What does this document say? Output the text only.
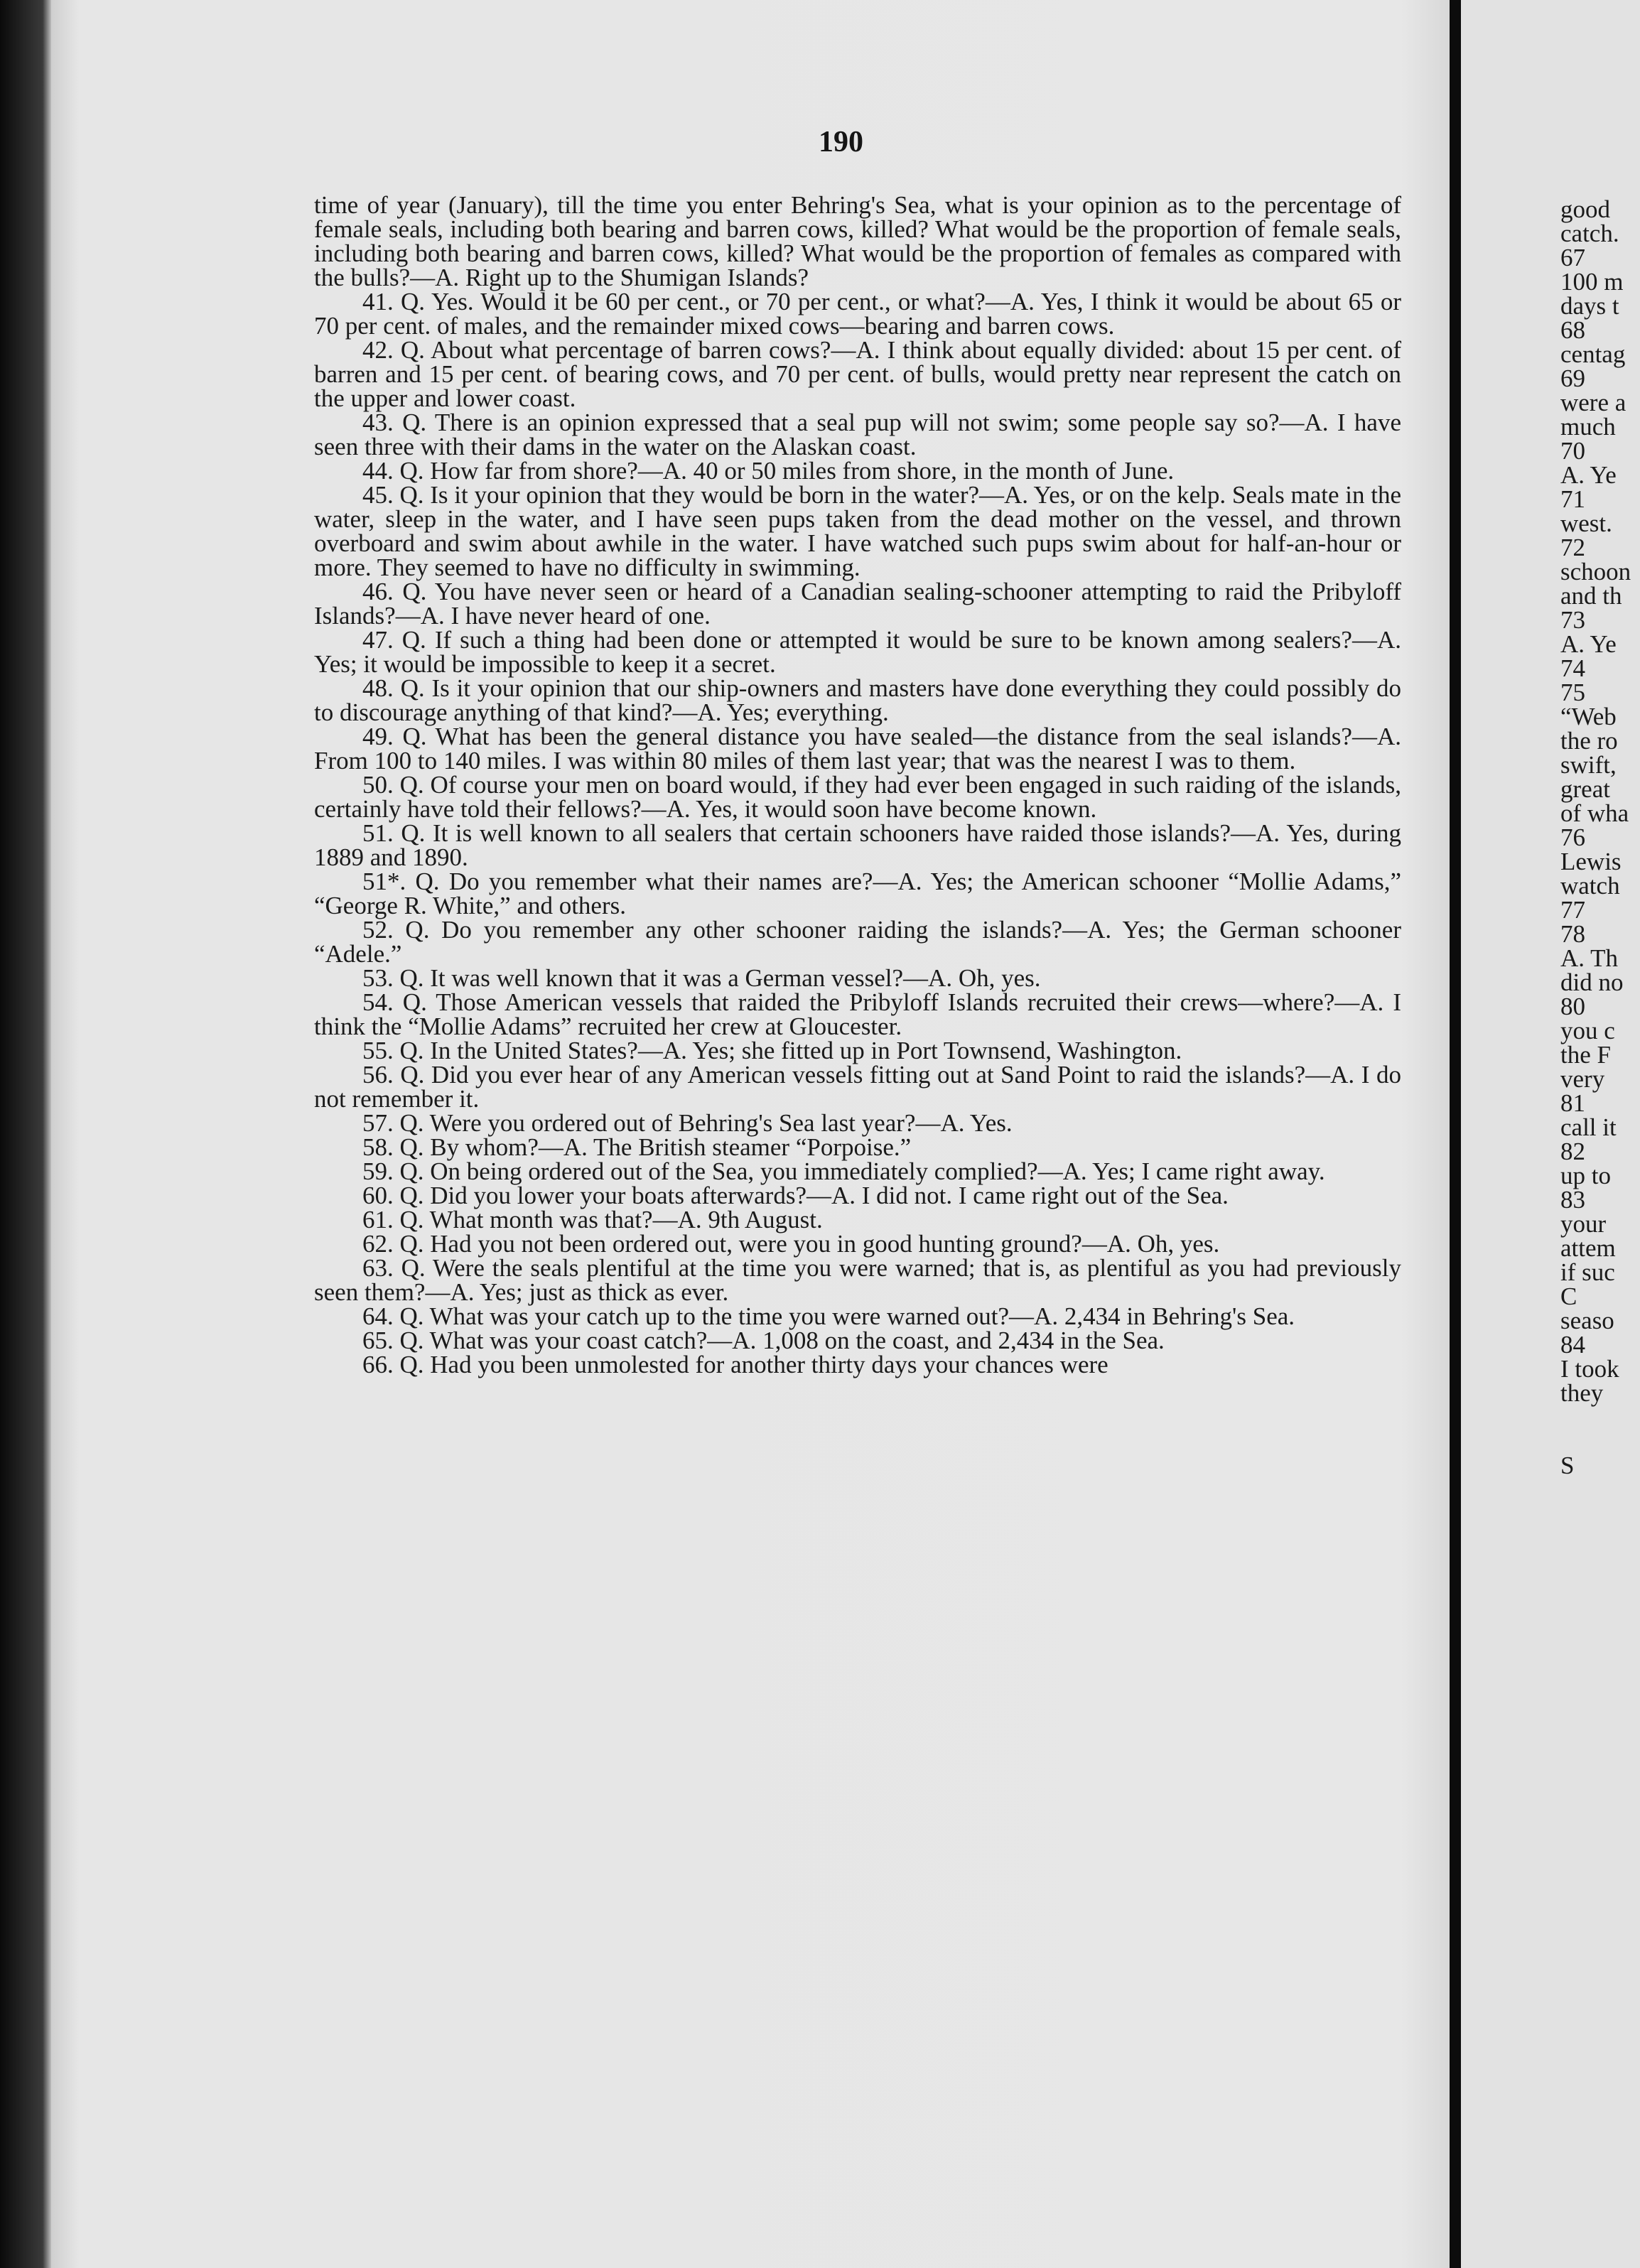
190

time of year (January), till the time you enter Behring's Sea, what is your opinion as to the percentage of female seals, including both bearing and barren cows, killed? What would be the proportion of female seals, including both bearing and barren cows, killed? What would be the proportion of females as compared with the bulls?—A. Right up to the Shumigan Islands?

41. Q. Yes. Would it be 60 per cent., or 70 per cent., or what?—A. Yes, I think it would be about 65 or 70 per cent. of males, and the remainder mixed cows—bearing and barren cows.

42. Q. About what percentage of barren cows?—A. I think about equally divided: about 15 per cent. of barren and 15 per cent. of bearing cows, and 70 per cent. of bulls, would pretty near represent the catch on the upper and lower coast.

43. Q. There is an opinion expressed that a seal pup will not swim; some people say so?—A. I have seen three with their dams in the water on the Alaskan coast.

44. Q. How far from shore?—A. 40 or 50 miles from shore, in the month of June.

45. Q. Is it your opinion that they would be born in the water?—A. Yes, or on the kelp. Seals mate in the water, sleep in the water, and I have seen pups taken from the dead mother on the vessel, and thrown overboard and swim about awhile in the water. I have watched such pups swim about for half-an-hour or more. They seemed to have no difficulty in swimming.

46. Q. You have never seen or heard of a Canadian sealing-schooner attempting to raid the Pribyloff Islands?—A. I have never heard of one.

47. Q. If such a thing had been done or attempted it would be sure to be known among sealers?—A. Yes; it would be impossible to keep it a secret.

48. Q. Is it your opinion that our ship-owners and masters have done everything they could possibly do to discourage anything of that kind?—A. Yes; everything.

49. Q. What has been the general distance you have sealed—the distance from the seal islands?—A. From 100 to 140 miles. I was within 80 miles of them last year; that was the nearest I was to them.

50. Q. Of course your men on board would, if they had ever been engaged in such raiding of the islands, certainly have told their fellows?—A. Yes, it would soon have become known.

51. Q. It is well known to all sealers that certain schooners have raided those islands?—A. Yes, during 1889 and 1890.

51*. Q. Do you remember what their names are?—A. Yes; the American schooner “Mollie Adams,” “George R. White,” and others.

52. Q. Do you remember any other schooner raiding the islands?—A. Yes; the German schooner “Adele.”

53. Q. It was well known that it was a German vessel?—A. Oh, yes.

54. Q. Those American vessels that raided the Pribyloff Islands recruited their crews—where?—A. I think the “Mollie Adams” recruited her crew at Gloucester.

55. Q. In the United States?—A. Yes; she fitted up in Port Townsend, Washington.

56. Q. Did you ever hear of any American vessels fitting out at Sand Point to raid the islands?—A. I do not remember it.

57. Q. Were you ordered out of Behring's Sea last year?—A. Yes.

58. Q. By whom?—A. The British steamer “Porpoise.”

59. Q. On being ordered out of the Sea, you immediately complied?—A. Yes; I came right away.

60. Q. Did you lower your boats afterwards?—A. I did not. I came right out of the Sea.

61. Q. What month was that?—A. 9th August.

62. Q. Had you not been ordered out, were you in good hunting ground?—A. Oh, yes.

63. Q. Were the seals plentiful at the time you were warned; that is, as plentiful as you had previously seen them?—A. Yes; just as thick as ever.

64. Q. What was your catch up to the time you were warned out?—A. 2,434 in Behring's Sea.

65. Q. What was your coast catch?—A. 1,008 on the coast, and 2,434 in the Sea.

66. Q. Had you been unmolested for another thirty days your chances were

good
catch.
67
100 m
days t
68
centag
69
were a
much
70
A. Ye
71
west.
72
schoon
and th
73
A. Ye
74
75
“Web
the ro
swift,
great
of wha
76
Lewis
watch
77
78
A. Th
did no
80
you c
the F
very
81
call it
82
up to
83
your
attem
if suc
C
seaso
84
I took
they
S
